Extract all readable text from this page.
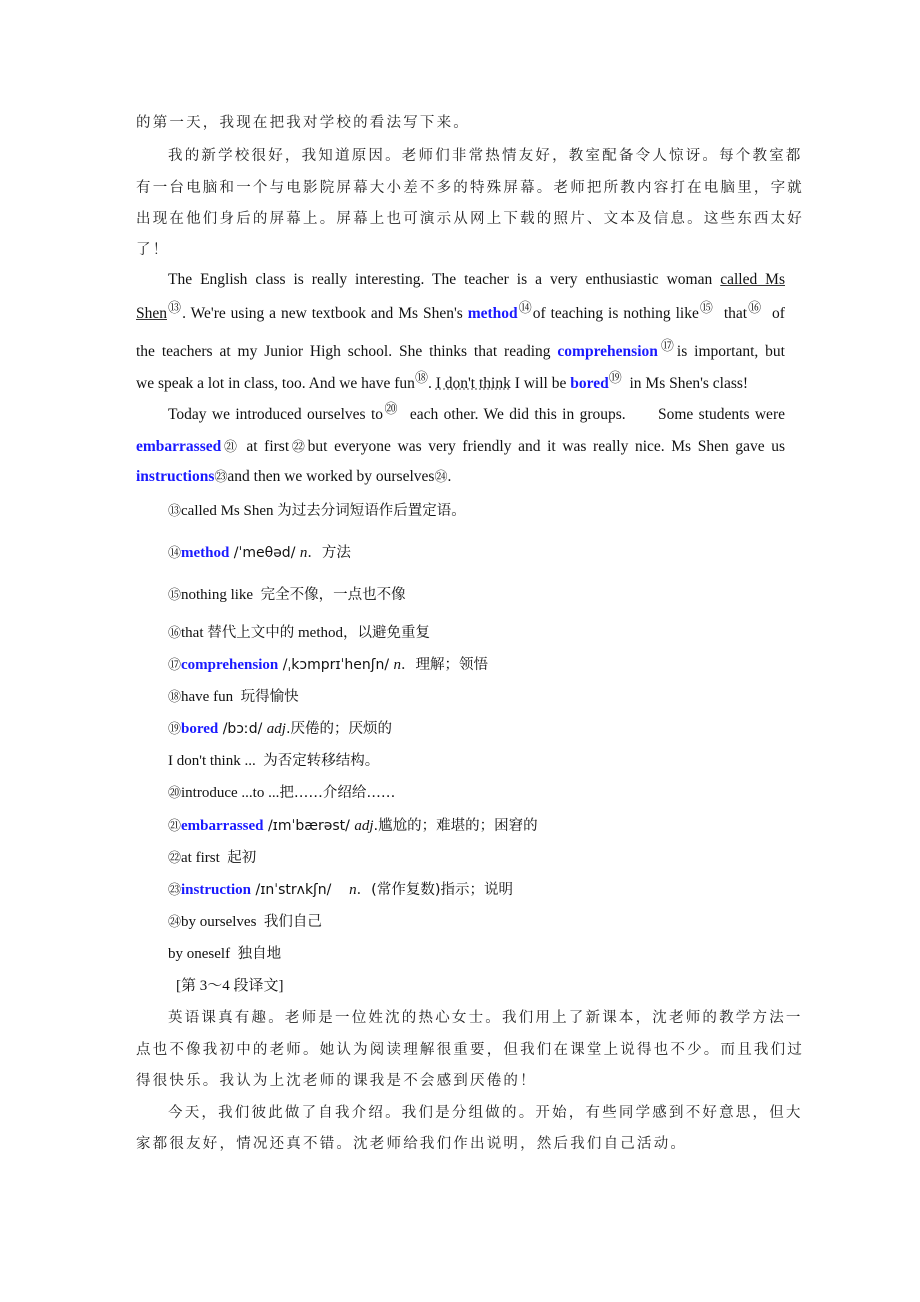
的第一天，我现在把我对学校的看法写下来。
我的新学校很好，我知道原因。老师们非常热情友好，教室配备令人惊讶。每个教室都
有一台电脑和一个与电影院屏幕大小差不多的特殊屏幕。老师把所教内容打在电脑里，字就
出现在他们身后的屏幕上。屏幕上也可演示从网上下载的照片、文本及信息。这些东西太好
了！
The English class is really interesting. The teacher is a very enthusiastic woman called Ms
Shen⑬. We're using a new textbook and Ms Shen's method⑭of teaching is nothing like⑮  that⑯  of
the teachers at my Junior High school. She thinks that reading comprehension⑰is important, but
we speak a lot in class, too. And we have fun⑱. I don't think I will be bored⑲  in Ms Shen's class!
Today we introduced ourselves to⑳  each other. We did this in groups.      Some students were
embarrassed㉑ at first㉒but everyone was very friendly and it was really nice. Ms Shen gave us
instructions㉓and then we worked by ourselves㉔.
⑬called Ms Shen 为过去分词短语作后置定语。
⑭method /ˈmeθəd/ n．方法
⑮nothing like  完全不像，一点也不像
⑯that 替代上文中的 method，以避免重复
⑰comprehension /ˌkɔmprɪˈhenʃn/ n．理解；领悟
⑱have fun  玩得愉快
⑲bored /bɔːd/ adj.厌倦的；厌烦的
I don't think ...  为否定转移结构。
⑳introduce ...to ...把……介绍给……
㉑embarrassed /ɪmˈbærəst/ adj.尴尬的；难堪的；困窘的
㉒at first  起初
㉓instruction /ɪnˈstrʌkʃn/    n．(常作复数)指示；说明
㉔by ourselves  我们自己
by oneself  独自地
[第 3～4 段译文]
英语课真有趣。老师是一位姓沈的热心女士。我们用上了新课本，沈老师的教学方法一
点也不像我初中的老师。她认为阅读理解很重要，但我们在课堂上说得也不少。而且我们过
得很快乐。我认为上沈老师的课我是不会感到厌倦的！
今天，我们彼此做了自我介绍。我们是分组做的。开始，有些同学感到不好意思，但大
家都很友好，情况还真不错。沈老师给我们作出说明，然后我们自己活动。
